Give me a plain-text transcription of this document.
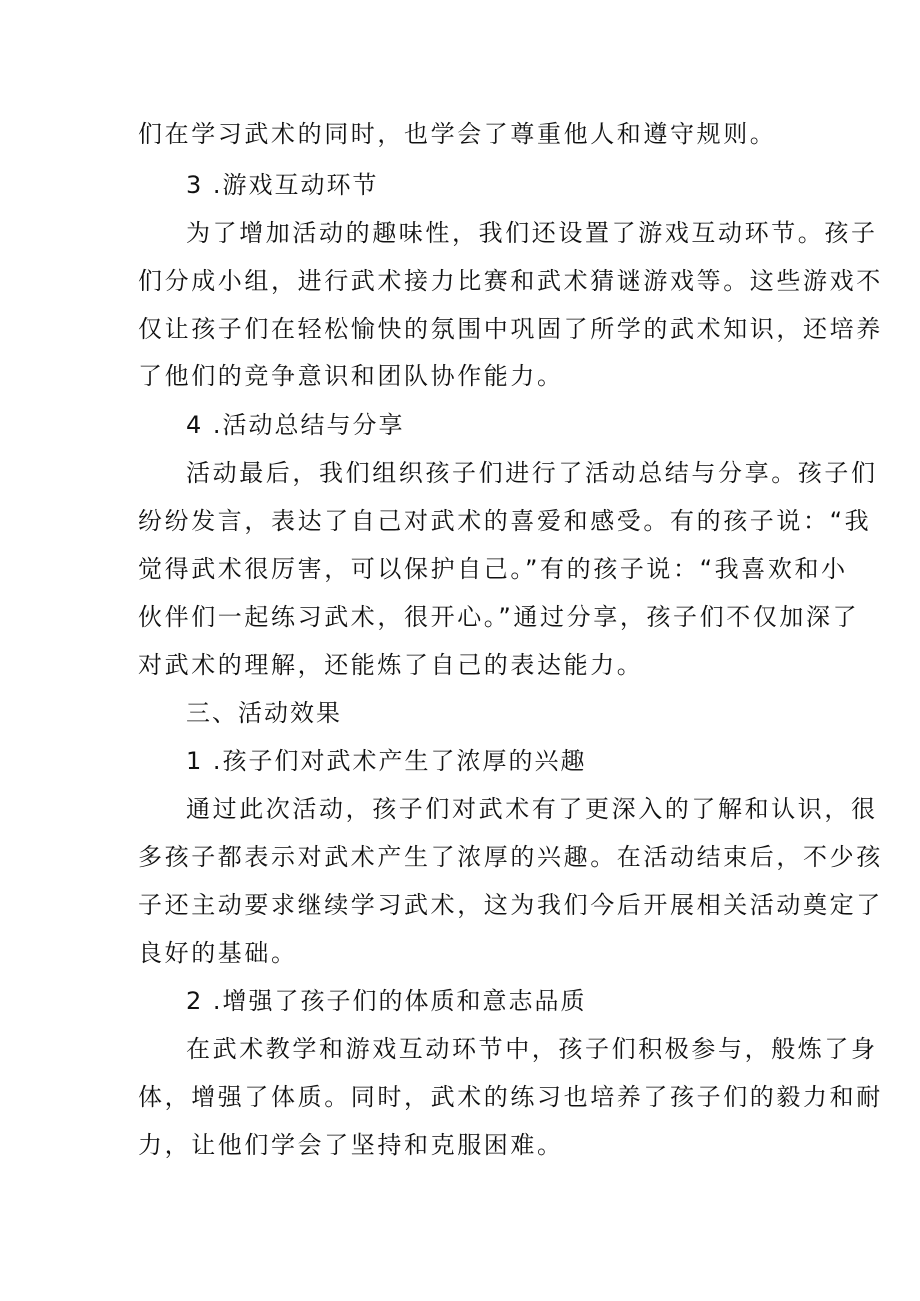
们在学习武术的同时，也学会了尊重他人和遵守规则。
3 .游戏互动环节
为了增加活动的趣味性，我们还设置了游戏互动环节。孩子
们分成小组，进行武术接力比赛和武术猜谜游戏等。这些游戏不
仅让孩子们在轻松愉快的氛围中巩固了所学的武术知识，还培养
了他们的竞争意识和团队协作能力。
4 .活动总结与分享
活动最后，我们组织孩子们进行了活动总结与分享。孩子们
纷纷发言，表达了自己对武术的喜爱和感受。有的孩子说：“我
觉得武术很厉害，可以保护自己。”有的孩子说：“我喜欢和小
伙伴们一起练习武术，很开心。”通过分享，孩子们不仅加深了
对武术的理解，还能炼了自己的表达能力。
三、活动效果
1 .孩子们对武术产生了浓厚的兴趣
通过此次活动，孩子们对武术有了更深入的了解和认识，很
多孩子都表示对武术产生了浓厚的兴趣。在活动结束后，不少孩
子还主动要求继续学习武术，这为我们今后开展相关活动奠定了
良好的基础。
2 .增强了孩子们的体质和意志品质
在武术教学和游戏互动环节中，孩子们积极参与，般炼了身
体，增强了体质。同时，武术的练习也培养了孩子们的毅力和耐
力，让他们学会了坚持和克服困难。
